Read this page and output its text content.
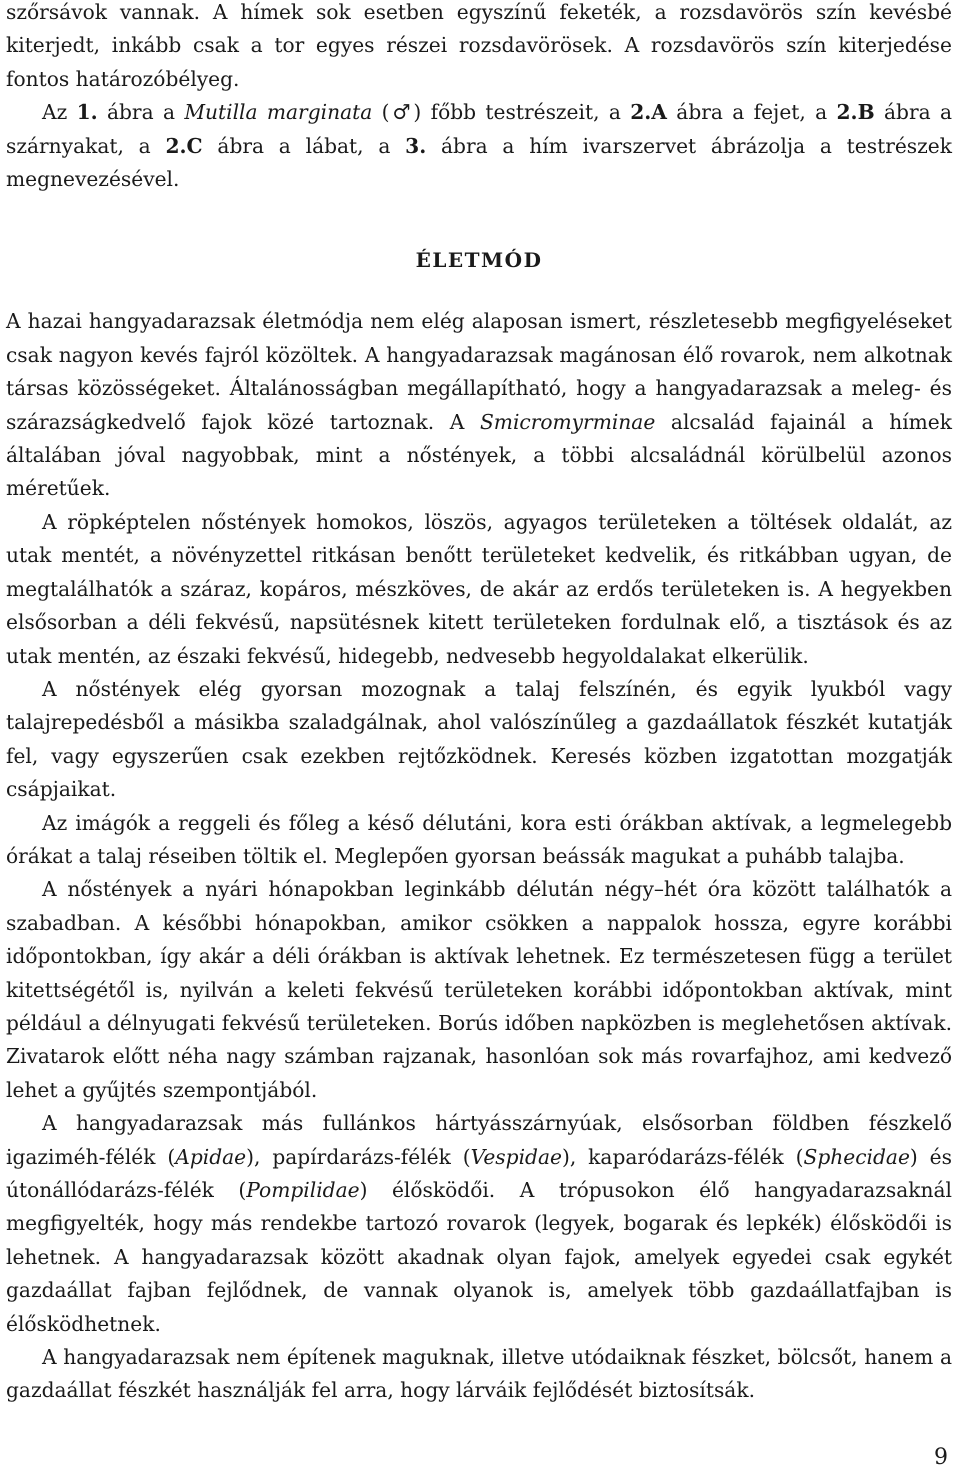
szőrsávok vannak. A hímek sok esetben egyszínű feketék, a rozsdavörös szín kevésbé kiterjedt, inkább csak a tor egyes részei rozsdavörösek. A rozsdavörös szín kiterjedése fontos határozóbélyeg.

Az 1. ábra a Mutilla marginata (♂) főbb testrészeit, a 2.A ábra a fejet, a 2.B ábra a szárnyakat, a 2.C ábra a lábat, a 3. ábra a hím ivarszervet ábrázolja a testrészek megnevezésével.

ÉLETMÓD

A hazai hangyadarazsak életmódja nem elég alaposan ismert, részletesebb megfigyeléseket csak nagyon kevés fajról közöltek. A hangyadarazsak magánosan élő rovarok, nem alkotnak társas közösségeket. Általánosságban megállapítható, hogy a hangyadarazsak a meleg- és szárazságkedvelő fajok közé tartoznak. A Smicromyrminae alcsalád fajainál a hímek általában jóval nagyobbak, mint a nőstények, a többi alcsaládnál körülbelül azonos méretűek.

A röpképtelen nőstények homokos, löszös, agyagos területeken a töltések oldalát, az utak mentét, a növényzettel ritkásan benőtt területeket kedvelik, és ritkábban ugyan, de megtalálhatók a száraz, kopáros, mészköves, de akár az erdős területeken is. A hegyekben elsősorban a déli fekvésű, napsütésnek kitett területeken fordulnak elő, a tisztások és az utak mentén, az északi fekvésű, hidegebb, nedvesebb hegyoldalakat elkerülik.

A nőstények elég gyorsan mozognak a talaj felszínén, és egyik lyukból vagy talajrepedésből a másikba szaladgálnak, ahol valószínűleg a gazdaállatok fészkét kutatják fel, vagy egyszerűen csak ezekben rejtőzködnek. Keresés közben izgatottan mozgatják csápjaikat.

Az imágók a reggeli és főleg a késő délutáni, kora esti órákban aktívak, a legmelegebb órákat a talaj réseiben töltik el. Meglepően gyorsan beássák magukat a puhább talajba.

A nőstények a nyári hónapokban leginkább délután négy–hét óra között találhatók a szabadban. A későbbi hónapokban, amikor csökken a nappalok hossza, egyre korábbi időpontokban, így akár a déli órákban is aktívak lehetnek. Ez természetesen függ a terület kitettségétől is, nyilván a keleti fekvésű területeken korábbi időpontokban aktívak, mint például a délnyugati fekvésű területeken. Borús időben napközben is meglehetősen aktívak. Zivatarok előtt néha nagy számban rajzanak, hasonlóan sok más rovarfajhoz, ami kedvező lehet a gyűjtés szempontjából.

A hangyadarazsak más fullánkos hártyásszárnyúak, elsősorban földben fészkelő igaziméh-félék (Apidae), papírdarázs-félék (Vespidae), kaparódarázs-félék (Sphecidae) és útonállódarázs-félék (Pompilidae) élősködői. A trópusokon élő hangyadarazsaknál megfigyelték, hogy más rendekbe tartozó rovarok (legyek, bogarak és lepkék) élősködői is lehetnek. A hangyadarazsak között akadnak olyan fajok, amelyek egyedei csak egykét gazdaállat fajban fejlődnek, de vannak olyanok is, amelyek több gazdaállatfajban is élősködhetnek.

A hangyadarazsak nem építenek maguknak, illetve utódaiknak fészket, bölcsőt, hanem a gazdaállat fészkét használják fel arra, hogy lárváik fejlődését biztosítsák.

9
